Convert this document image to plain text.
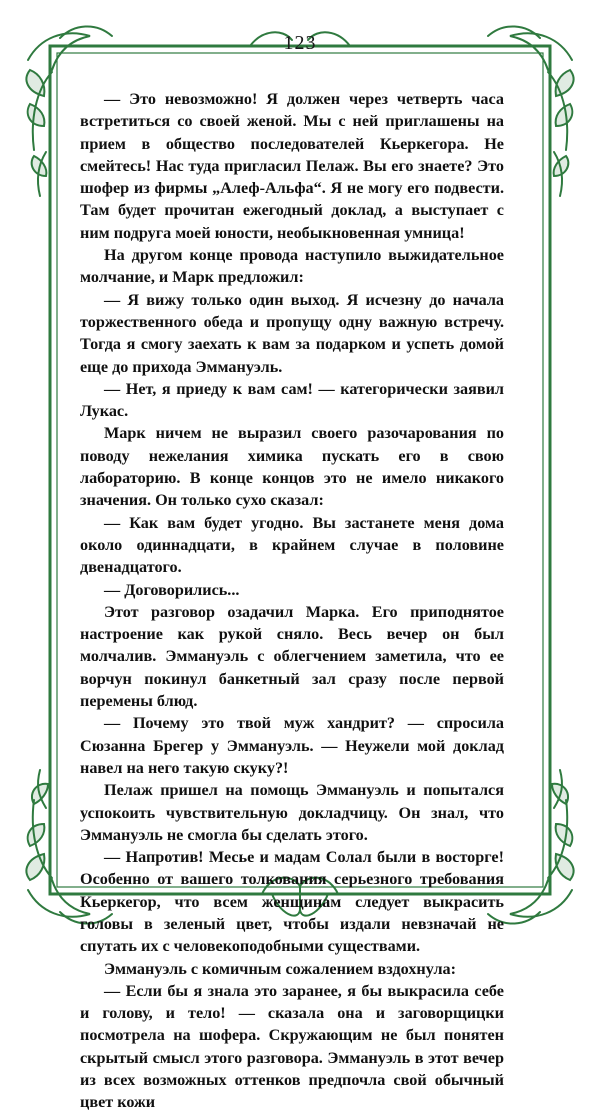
123

— Это невозможно! Я должен через четверть часа встретиться со своей женой. Мы с ней приглашены на прием в общество последователей Кьеркегора. Не смейтесь! Нас туда пригласил Пелаж. Вы его знаете? Это шофер из фирмы „Алеф-Альфа“. Я не могу его подвести. Там будет прочитан ежегодный доклад, а выступает с ним подруга моей юности, необыкновенная умница!

На другом конце провода наступило выжидательное молчание, и Марк предложил:

— Я вижу только один выход. Я исчезну до начала торжественного обеда и пропущу одну важную встречу. Тогда я смогу заехать к вам за подарком и успеть домой еще до прихода Эммануэль.

— Нет, я приеду к вам сам! — категорически заявил Лукас.

Марк ничем не выразил своего разочарования по поводу нежелания химика пускать его в свою лабораторию. В конце концов это не имело никакого значения. Он только сухо сказал:

— Как вам будет угодно. Вы застанете меня дома около одиннадцати, в крайнем случае в половине двенадцатого.

— Договорились...

Этот разговор озадачил Марка. Его приподнятое настроение как рукой сняло. Весь вечер он был молчалив. Эммануэль с облегчением заметила, что ее ворчун покинул банкетный зал сразу после первой перемены блюд.

— Почему это твой муж хандрит? — спросила Сюзанна Брегер у Эммануэль. — Неужели мой доклад навел на него такую скуку?!

Пелаж пришел на помощь Эммануэль и попытался успокоить чувствительную докладчицу. Он знал, что Эммануэль не смогла бы сделать этого.

— Напротив! Месье и мадам Солал были в восторге! Особенно от вашего толкования серьезного требования Кьеркегор, что всем женщинам следует выкрасить головы в зеленый цвет, чтобы издали невзначай не спутать их с человекоподобными существами.

Эммануэль с комичным сожалением вздохнула:

— Если бы я знала это заранее, я бы выкрасила себе и голову, и тело! — сказала она и заговорщицки посмотрела на шофера. Скружающим не был понятен скрытый смысл этого разговора. Эммануэль в этот вечер из всех возможных оттенков предпочла свой обычный цвет кожи
